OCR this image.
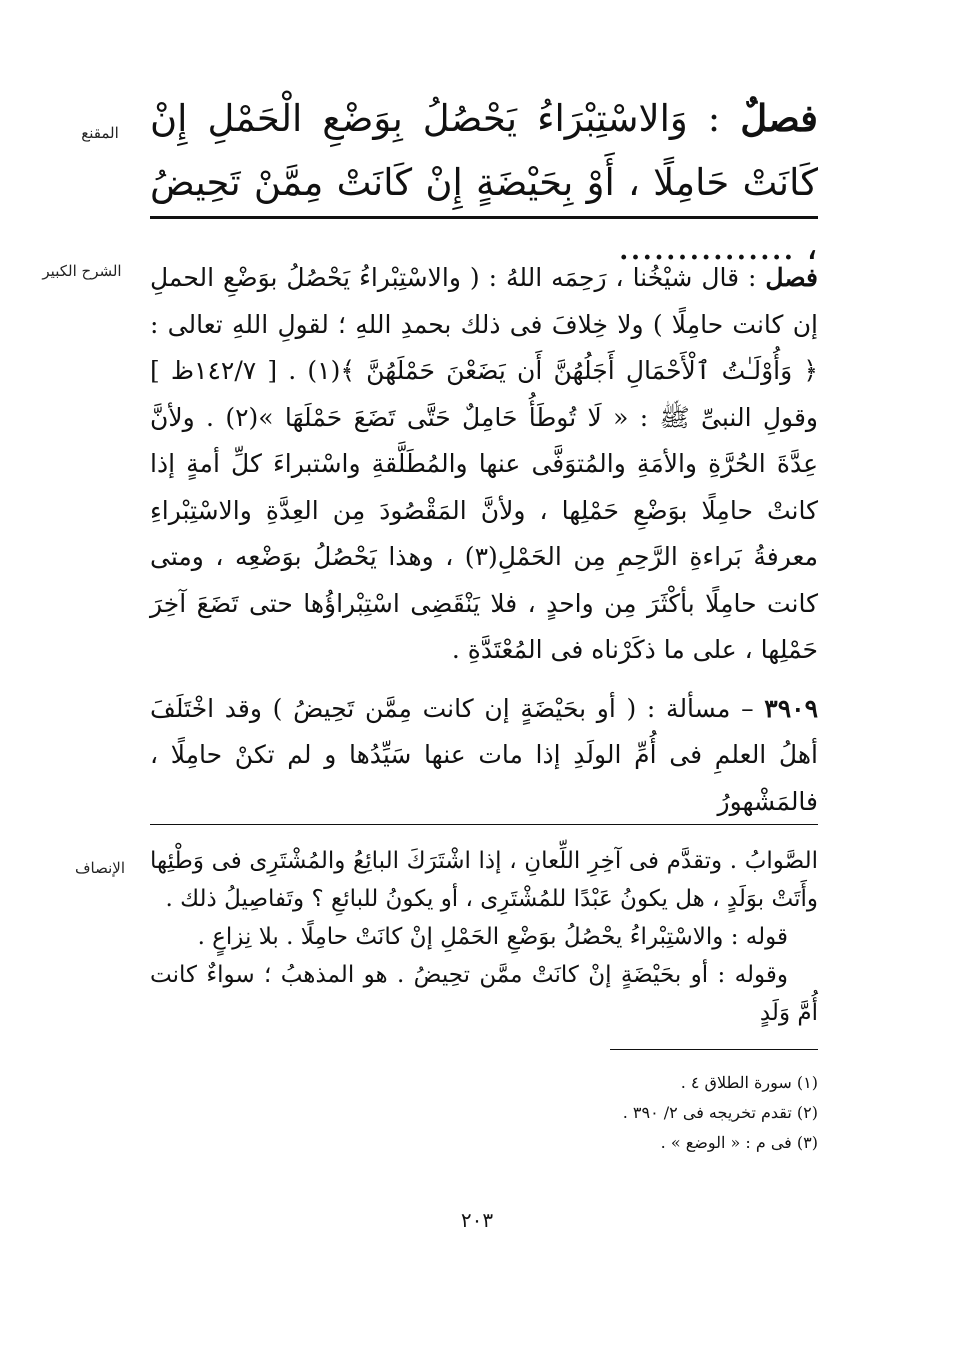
المقنع
الشرح الكبير
الإنصاف
فصلٌ : وَالاسْتِبْرَاءُ يَحْصُلُ بِوَضْعِ الْحَمْلِ إِنْ كَانَتْ حَامِلًا ، أَوْ بِحَيْضَةٍ إِنْ كَانَتْ مِمَّنْ تَحِيضُ ، ...............

فصل : قال شيْخُنا ، رَحِمَه اللهُ : ( والاسْتِبْراءُ يَحْصُلُ بوَضْعِ الحملِ إن كانت حامِلًا ) ولا خِلافَ فى ذلك بحمدِ اللهِ ؛ لقولِ اللهِ تعالى : ﴿ وَأُوْلَـٰتُ ٱلْأَحْمَالِ أَجَلُهُنَّ أَن يَضَعْنَ حَمْلَهُنَّ ﴾(١) . [ ١٤٢/٧ظ ] وقولِ النبىِّ ﷺ : « لَا تُوطَأُ حَامِلٌ حَتَّى تَضَعَ حَمْلَهَا »(٢) . ولأنَّ عِدَّةَ الحُرَّةِ والأمَةِ والمُتوَفَّى عنها والمُطَلَّقةِ واسْتبراءَ كلِّ أمةٍ إذا كانتْ حامِلًا بوَضْعِ حَمْلِها ، ولأنَّ المَقْصُودَ مِن العِدَّةِ والاسْتِبْراءِ معرفةُ بَراءةِ الرَّحِمِ مِن الحَمْلِ(٣) ، وهذا يَحْصُلُ بوَضْعِه ، ومتى كانت حامِلًا بأكْثَرَ مِن واحدٍ ، فلا يَنْقَضِى اسْتِبْراؤُها حتى تَضَعَ آخِرَ حَمْلِها ، على ما ذكَرْناه فى المُعْتَدَّةِ .

٣٩٠٩ – مسألة : ( أو بحَيْضَةٍ إن كانت مِمَّن تَحِيضُ ) وقد اخْتَلَفَ أهلُ العلمِ فى أُمِّ الولَدِ إذا مات عنها سَيِّدُها و لم تكنْ حامِلًا ، فالمَشْهورُ

الصَّوابُ . وتقدَّم فى آخِرِ اللِّعانِ ، إذا اشْتَرَكَ البائِعُ والمُشْتَرِى فى وَطْئِها وأَتَتْ بوَلَدٍ ، هل يكونُ عَبْدًا للمُشْتَرِى ، أو يكونُ للبائعِ ؟ وتَفاصِيلُ ذلك .

قوله : والاسْتِبْراءُ يحْصُلُ بوَضْعِ الحَمْلِ إنْ كانَتْ حامِلًا . بلا نِزاعٍ .

وقوله : أو بحَيْضَةٍ إنْ كانَتْ ممَّن تحِيضُ . هو المذهبُ ؛ سواءٌ كانت أُمَّ وَلَدٍ

(١) سورة الطلاق ٤ .
(٢) تقدم تخريجه فى ٢/ ٣٩٠ .
(٣) فى م : « الوضع » .
٢٠٣
